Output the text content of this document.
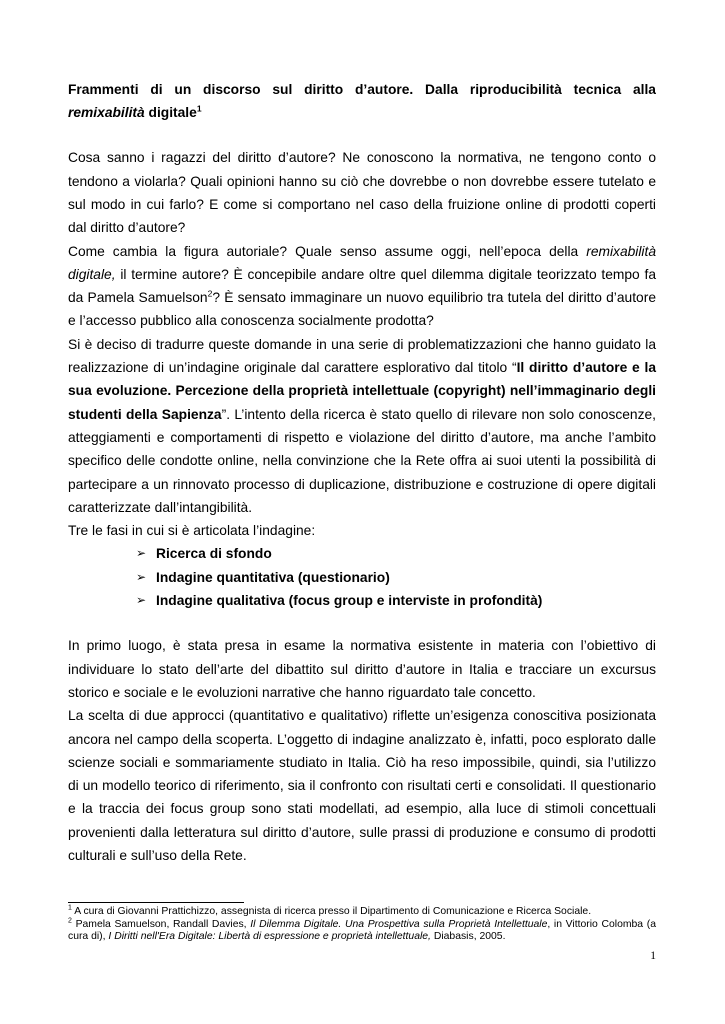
Frammenti di un discorso sul diritto d’autore. Dalla riproducibilità tecnica alla remixabilità digitale$^1$

Cosa sanno i ragazzi del diritto d’autore? Ne conoscono la normativa, ne tengono conto o tendono a violarla? Quali opinioni hanno su ciò che dovrebbe o non dovrebbe essere tutelato e sul modo in cui farlo? E come si comportano nel caso della fruizione online di prodotti coperti dal diritto d’autore?

Come cambia la figura autoriale? Quale senso assume oggi, nell’epoca della remixabilità digitale, il termine autore? È concepibile andare oltre quel dilemma digitale teorizzato tempo fa da Pamela Samuelson$^2$? È sensato immaginare un nuovo equilibrio tra tutela del diritto d’autore e l’accesso pubblico alla conoscenza socialmente prodotta?

Si è deciso di tradurre queste domande in una serie di problematizzazioni che hanno guidato la realizzazione di un’indagine originale dal carattere esplorativo dal titolo “Il diritto d’autore e la sua evoluzione. Percezione della proprietà intellettuale (copyright) nell’immaginario degli studenti della Sapienza”. L’intento della ricerca è stato quello di rilevare non solo conoscenze, atteggiamenti e comportamenti di rispetto e violazione del diritto d’autore, ma anche l’ambito specifico delle condotte online, nella convinzione che la Rete offra ai suoi utenti la possibilità di partecipare a un rinnovato processo di duplicazione, distribuzione e costruzione di opere digitali caratterizzate dall’intangibilità.

Tre le fasi in cui si è articolata l’indagine:

➢ Ricerca di sfondo
➢ Indagine quantitativa (questionario)
➢ Indagine qualitativa (focus group e interviste in profondità)

In primo luogo, è stata presa in esame la normativa esistente in materia con l’obiettivo di individuare lo stato dell’arte del dibattito sul diritto d’autore in Italia e tracciare un excursus storico e sociale e le evoluzioni narrative che hanno riguardato tale concetto.

La scelta di due approcci (quantitativo e qualitativo) riflette un’esigenza conoscitiva posizionata ancora nel campo della scoperta. L’oggetto di indagine analizzato è, infatti, poco esplorato dalle scienze sociali e sommariamente studiato in Italia. Ciò ha reso impossibile, quindi, sia l’utilizzo di un modello teorico di riferimento, sia il confronto con risultati certi e consolidati. Il questionario e la traccia dei focus group sono stati modellati, ad esempio, alla luce di stimoli concettuali provenienti dalla letteratura sul diritto d’autore, sulle prassi di produzione e consumo di prodotti culturali e sull’uso della Rete.

$^1$ A cura di Giovanni Prattichizzo, assegnista di ricerca presso il Dipartimento di Comunicazione e Ricerca Sociale.

$^2$ Pamela Samuelson, Randall Davies, Il Dilemma Digitale. Una Prospettiva sulla Proprietà Intellettuale, in Vittorio Colomba (a cura di), I Diritti nell'Era Digitale: Libertà di espressione e proprietà intellettuale, Diabasis, 2005.

1
